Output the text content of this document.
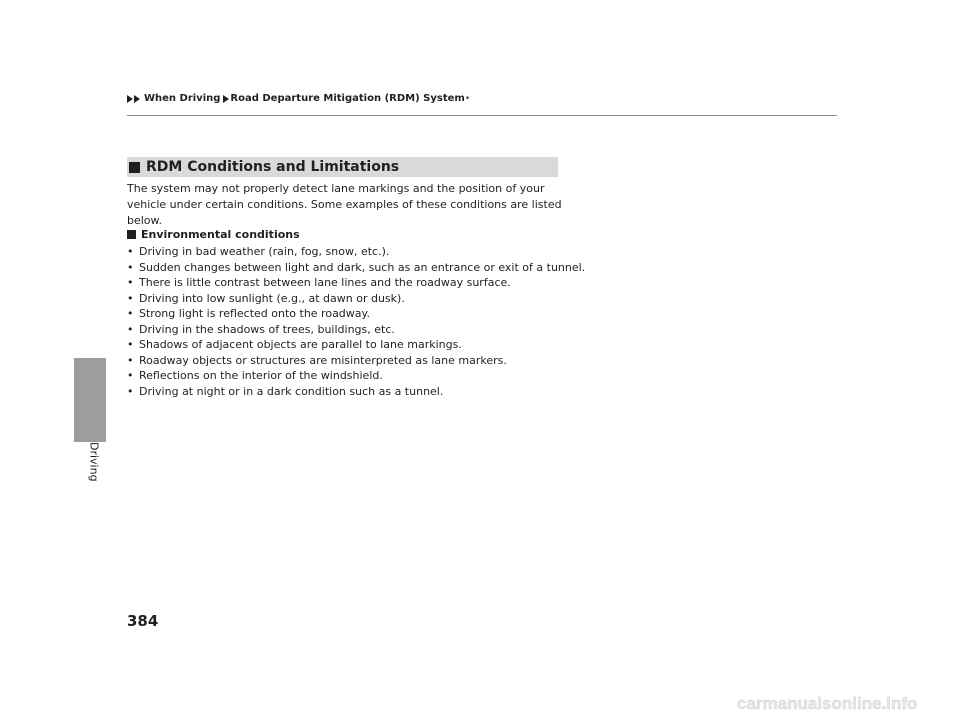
When Driving Road Departure Mitigation (RDM) System *
Driving
RDM Conditions and Limitations

The system may not properly detect lane markings and the position of your vehicle under certain conditions. Some examples of these conditions are listed below.

Environmental conditions
• Driving in bad weather (rain, fog, snow, etc.).
• Sudden changes between light and dark, such as an entrance or exit of a tunnel.
• There is little contrast between lane lines and the roadway surface.
• Driving into low sunlight (e.g., at dawn or dusk).
• Strong light is reflected onto the roadway.
• Driving in the shadows of trees, buildings, etc.
• Shadows of adjacent objects are parallel to lane markings.
• Roadway objects or structures are misinterpreted as lane markers.
• Reflections on the interior of the windshield.
• Driving at night or in a dark condition such as a tunnel.
384
carmanualsonline.info
